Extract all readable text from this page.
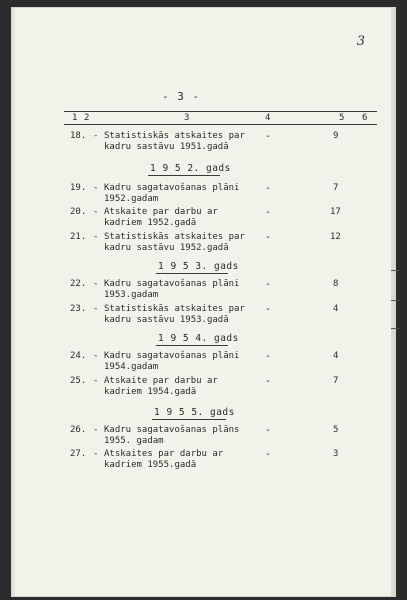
3
- 3 -
1 2	3	4	5 6
18. - Statistiskās atskaites par
kadru sastāvu 1951.gadā
-	9
1 9 5 2. gads
19. - Kadru sagatavošanas plāni
1952.gadam
-	7
20. - Atskaite par darbu ar
kadriem 1952.gadā
-	17
21. - Statistiskās atskaites par
kadru sastāvu 1952.gadā
-	12
1 9 5 3. gads
22. - Kadru sagatavošanas plāni
1953.gadam
-	8
23. - Statistiskās atskaites par
kadru sastāvu 1953.gadā
-	4
1 9 5 4. gads
24. - Kadru sagatavošanas plāni
1954.gadam
-	4
25. - Atskaite par darbu ar
kadriem 1954.gadā
-	7
1 9 5 5. gads
26. - Kadru sagatavošanas plāns
1955. gadam
-	5
27. - Atskaites par darbu ar
kadriem 1955.gadā
-	3
